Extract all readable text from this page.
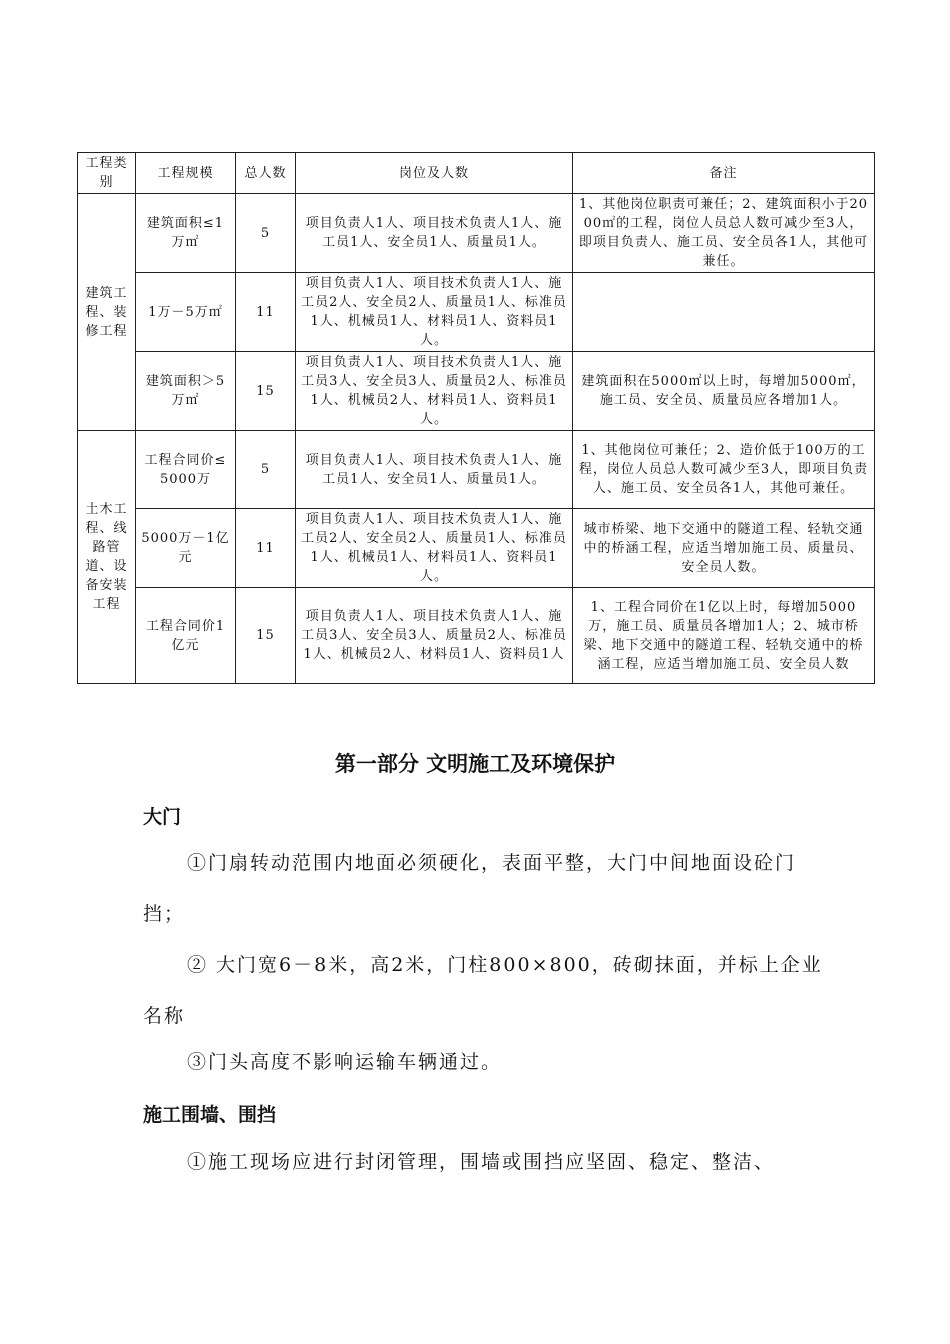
工程类别	工程规模	总人数	岗位及人数	备注
建筑工程、装修工程	建筑面积≤1万㎡	5	项目负责人1人、项目技术负责人1人、施工员1人、安全员1人、质量员1人。	1、其他岗位职责可兼任；2、建筑面积小于2000㎡的工程，岗位人员总人数可减少至3人，即项目负责人、施工员、安全员各1人，其他可兼任。
	1万－5万㎡	11	项目负责人1人、项目技术负责人1人、施工员2人、安全员2人、质量员1人、标准员1人、机械员1人、材料员1人、资料员1人。	
	建筑面积＞5万㎡	15	项目负责人1人、项目技术负责人1人、施工员3人、安全员3人、质量员2人、标准员1人、机械员2人、材料员1人、资料员1人。	建筑面积在5000㎡以上时，每增加5000㎡，施工员、安全员、质量员应各增加1人。
土木工程、线路管道、设备安装工程	工程合同价≤5000万	5	项目负责人1人、项目技术负责人1人、施工员1人、安全员1人、质量员1人。	1、其他岗位可兼任；2、造价低于100万的工程，岗位人员总人数可减少至3人，即项目负责人、施工员、安全员各1人，其他可兼任。
	5000万－1亿元	11	项目负责人1人、项目技术负责人1人、施工员2人、安全员2人、质量员1人、标准员1人、机械员1人、材料员1人、资料员1人。	城市桥梁、地下交通中的隧道工程、轻轨交通中的桥涵工程，应适当增加施工员、质量员、安全员人数。
	工程合同价1亿元	15	项目负责人1人、项目技术负责人1人、施工员3人、安全员3人、质量员2人、标准员1人、机械员2人、材料员1人、资料员1人	1、工程合同价在1亿以上时，每增加5000万，施工员、质量员各增加1人；2、城市桥梁、地下交通中的隧道工程、轻轨交通中的桥涵工程，应适当增加施工员、安全员人数
第一部分 文明施工及环境保护
大门
①门扇转动范围内地面必须硬化，表面平整，大门中间地面设砼门挡；
② 大门宽6－8米，高2米，门柱800×800，砖砌抹面，并标上企业名称
③门头高度不影响运输车辆通过。
施工围墙、围挡
①施工现场应进行封闭管理，围墙或围挡应坚固、稳定、整洁、
